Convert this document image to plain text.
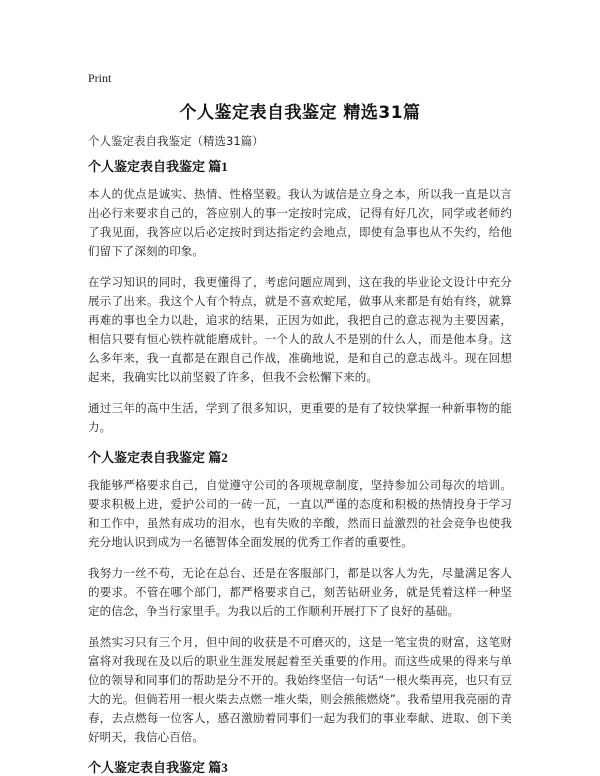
Print
个人鉴定表自我鉴定 精选31篇
个人鉴定表自我鉴定（精选31篇）
个人鉴定表自我鉴定 篇1

本人的优点是诚实、热情、性格坚毅。我认为诚信是立身之本，所以我一直是以言出必行来要求自己的，答应别人的事一定按时完成，记得有好几次，同学或老师约了我见面，我答应以后必定按时到达指定约会地点，即使有急事也从不失约，给他们留下了深刻的印象。

在学习知识的同时，我更懂得了，考虑问题应周到，这在我的毕业论文设计中充分展示了出来。我这个人有个特点，就是不喜欢蛇尾，做事从来都是有始有终，就算再难的事也全力以赴，追求的结果，正因为如此，我把自己的意志视为主要因素，相信只要有恒心铁杵就能磨成针。一个人的敌人不是别的什么人，而是他本身。这么多年来，我一直都是在跟自己作战，准确地说，是和自己的意志战斗。现在回想起来，我确实比以前坚毅了许多，但我不会松懈下来的。

通过三年的高中生活，学到了很多知识，更重要的是有了较快掌握一种新事物的能力。

个人鉴定表自我鉴定 篇2

我能够严格要求自己，自觉遵守公司的各项规章制度，坚持参加公司每次的培训。要求积极上进，爱护公司的一砖一瓦，一直以严谨的态度和积极的热情投身于学习和工作中，虽然有成功的泪水，也有失败的辛酸，然而日益激烈的社会竞争也使我充分地认识到成为一名德智体全面发展的优秀工作者的重要性。

我努力一丝不苟，无论在总台、还是在客服部门，都是以客人为先，尽量满足客人的要求。不管在哪个部门，都严格要求自己，刻苦钻研业务，就是凭着这样一种坚定的信念，争当行家里手。为我以后的工作顺利开展打下了良好的基础。

虽然实习只有三个月，但中间的收获是不可磨灭的，这是一笔宝贵的财富，这笔财富将对我现在及以后的职业生涯发展起着至关重要的作用。而这些成果的得来与单位的领导和同事们的帮助是分不开的。我始终坚信一句话“一根火柴再亮，也只有豆大的光。但倘若用一根火柴去点燃一堆火柴，则会熊熊燃烧”。我希望用我亮丽的青春，去点燃每一位客人，感召激励着同事们一起为我们的事业奉献、进取、创下美好明天，我信心百倍。

个人鉴定表自我鉴定 篇3
